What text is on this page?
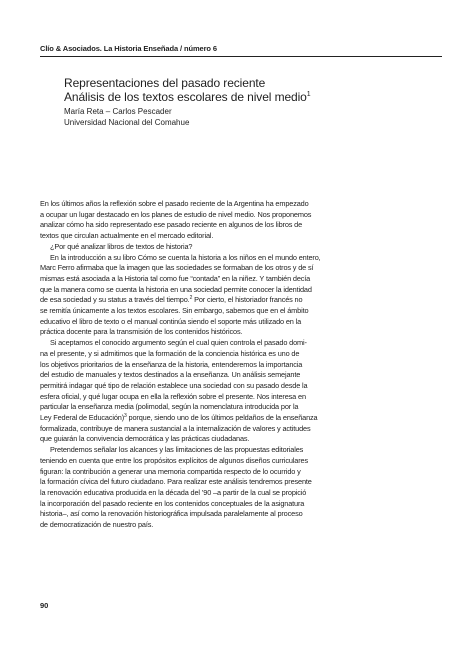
Clío & Asociados. La Historia Enseñada / número 6
Representaciones del pasado reciente
Análisis de los textos escolares de nivel medio$^1$
María Reta – Carlos Pescader
Universidad Nacional del Comahue
En los últimos años la reflexión sobre el pasado reciente de la Argentina ha empezado
a ocupar un lugar destacado en los planes de estudio de nivel medio. Nos proponemos
analizar cómo ha sido representado ese pasado reciente en algunos de los libros de
textos que circulan actualmente en el mercado editorial.
¿Por qué analizar libros de textos de historia?
En la introducción a su libro Cómo se cuenta la historia a los niños en el mundo entero,
Marc Ferro afirmaba que la imagen que las sociedades se formaban de los otros y de sí
mismas está asociada a la Historia tal como fue “contada” en la niñez. Y también decía
que la manera como se cuenta la historia en una sociedad permite conocer la identidad
de esa sociedad y su status a través del tiempo.$^2$ Por cierto, el historiador francés no
se remitía únicamente a los textos escolares. Sin embargo, sabemos que en el ámbito
educativo el libro de texto o el manual continúa siendo el soporte más utilizado en la
práctica docente para la transmisión de los contenidos históricos.
Si aceptamos el conocido argumento según el cual quien controla el pasado domi-
na el presente, y si admitimos que la formación de la conciencia histórica es uno de
los objetivos prioritarios de la enseñanza de la historia, entenderemos la importancia
del estudio de manuales y textos destinados a la enseñanza. Un análisis semejante
permitirá indagar qué tipo de relación establece una sociedad con su pasado desde la
esfera oficial, y qué lugar ocupa en ella la reflexión sobre el presente. Nos interesa en
particular la enseñanza media (polimodal, según la nomenclatura introducida por la
Ley Federal de Educación)$^3$ porque, siendo uno de los últimos peldaños de la enseñanza
formalizada, contribuye de manera sustancial a la internalización de valores y actitudes
que guiarán la convivencia democrática y las prácticas ciudadanas.
Pretendemos señalar los alcances y las limitaciones de las propuestas editoriales
teniendo en cuenta que entre los propósitos explícitos de algunos diseños curriculares
figuran: la contribución a generar una memoria compartida respecto de lo ocurrido y
la formación cívica del futuro ciudadano. Para realizar este análisis tendremos presente
la renovación educativa producida en la década del ’90 –a partir de la cual se propició
la incorporación del pasado reciente en los contenidos conceptuales de la asignatura
historia–, así como la renovación historiográfica impulsada paralelamente al proceso
de democratización de nuestro país.
90
